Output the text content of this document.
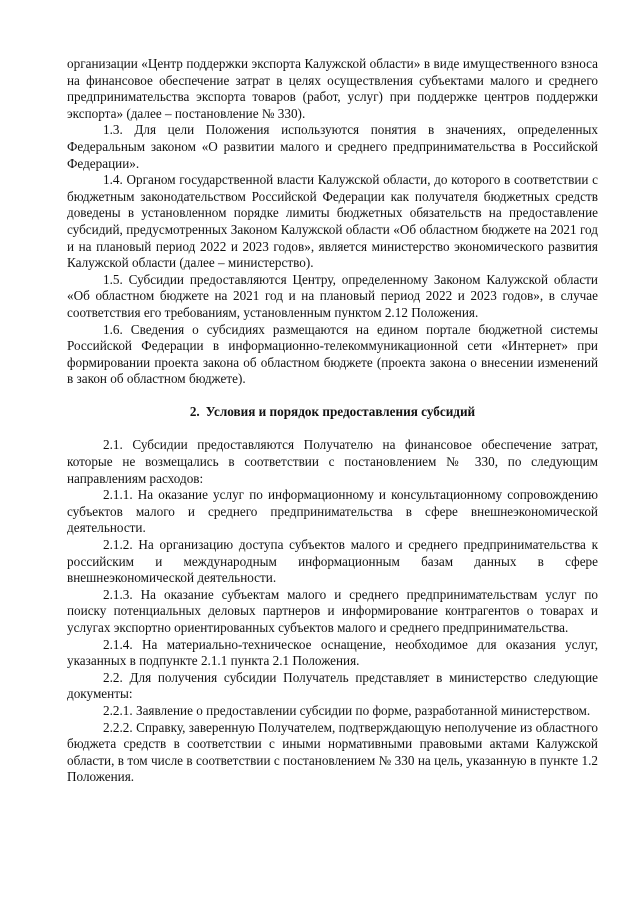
организации «Центр поддержки экспорта Калужской области» в виде имущественного взноса на финансовое обеспечение затрат в целях осуществления субъектами малого и среднего предпринимательства экспорта товаров (работ, услуг) при поддержке центров поддержки экспорта» (далее – постановление № 330).

1.3. Для цели Положения используются понятия в значениях, определенных Федеральным законом «О развитии малого и среднего предпринимательства в Российской Федерации».

1.4. Органом государственной власти Калужской области, до которого в соответствии с бюджетным законодательством Российской Федерации как получателя бюджетных средств доведены в установленном порядке лимиты бюджетных обязательств на предоставление субсидий, предусмотренных Законом Калужской области «Об областном бюджете на 2021 год и на плановый период 2022 и 2023 годов», является министерство экономического развития Калужской области (далее – министерство).

1.5. Субсидии предоставляются Центру, определенному Законом Калужской области «Об областном бюджете на 2021 год и на плановый период 2022 и 2023 годов», в случае соответствия его требованиям, установленным пунктом 2.12 Положения.

1.6. Сведения о субсидиях размещаются на едином портале бюджетной системы Российской Федерации в информационно-телекоммуникационной сети «Интернет» при формировании проекта закона об областном бюджете (проекта закона о внесении изменений в закон об областном бюджете).

2. Условия и порядок предоставления субсидий

2.1. Субсидии предоставляются Получателю на финансовое обеспечение затрат, которые не возмещались в соответствии с постановлением № 330, по следующим направлениям расходов:

2.1.1. На оказание услуг по информационному и консультационному сопровождению субъектов малого и среднего предпринимательства в сфере внешнеэкономической деятельности.

2.1.2. На организацию доступа субъектов малого и среднего предпринимательства к российским и международным информационным базам данных в сфере внешнеэкономической деятельности.

2.1.3. На оказание субъектам малого и среднего предпринимательствам услуг по поиску потенциальных деловых партнеров и информирование контрагентов о товарах и услугах экспортно ориентированных субъектов малого и среднего предпринимательства.

2.1.4. На материально-техническое оснащение, необходимое для оказания услуг, указанных в подпункте 2.1.1 пункта 2.1 Положения.

2.2. Для получения субсидии Получатель представляет в министерство следующие документы:

2.2.1. Заявление о предоставлении субсидии по форме, разработанной министерством.

2.2.2. Справку, заверенную Получателем, подтверждающую неполучение из областного бюджета средств в соответствии с иными нормативными правовыми актами Калужской области, в том числе в соответствии с постановлением № 330 на цель, указанную в пункте 1.2 Положения.
